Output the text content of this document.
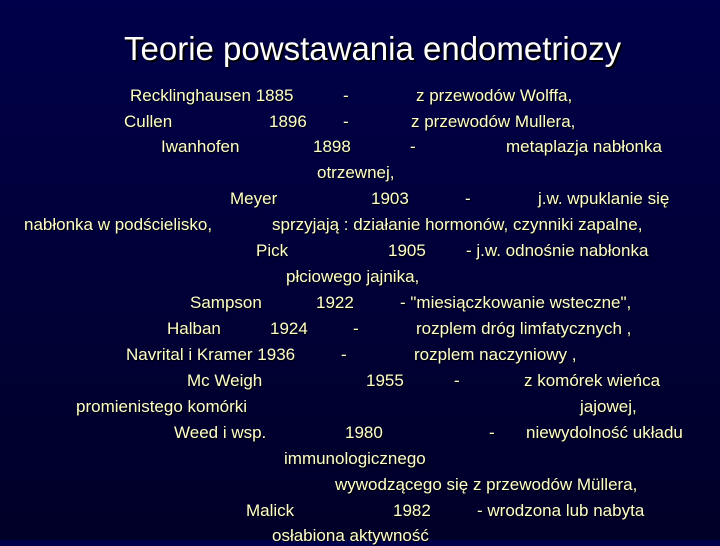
Teorie powstawania endometriozy
Recklinghausen 1885	-	z przewodów Wolffa,
Cullen	1896 -	z przewodów Mullera,
Iwanhofen	1898	-	metaplazja nabłonka
otrzewnej,
Meyer	1903	-	j.w. wpuklanie się
nabłonka w podścielisko,	sprzyjają : działanie hormonów, czynniki zapalne,
Pick	1905 - j.w. odnośnie nabłonka
płciowego jajnika,
Sampson	1922	- "miesiączkowanie wsteczne",
Halban	1924	-	rozplem dróg limfatycznych ,
Navrital i Kramer 1936	-	rozplem naczyniowy ,
Mc Weigh	1955	-	z komórek wieńca
promienistego komórki	jajowej,
Weed i wsp.	1980	- niewydolność układu
immunologicznego
wywodzącego się z przewodów Müllera,
Malick	1982	- wrodzona lub nabyta
osłabiona aktywność
